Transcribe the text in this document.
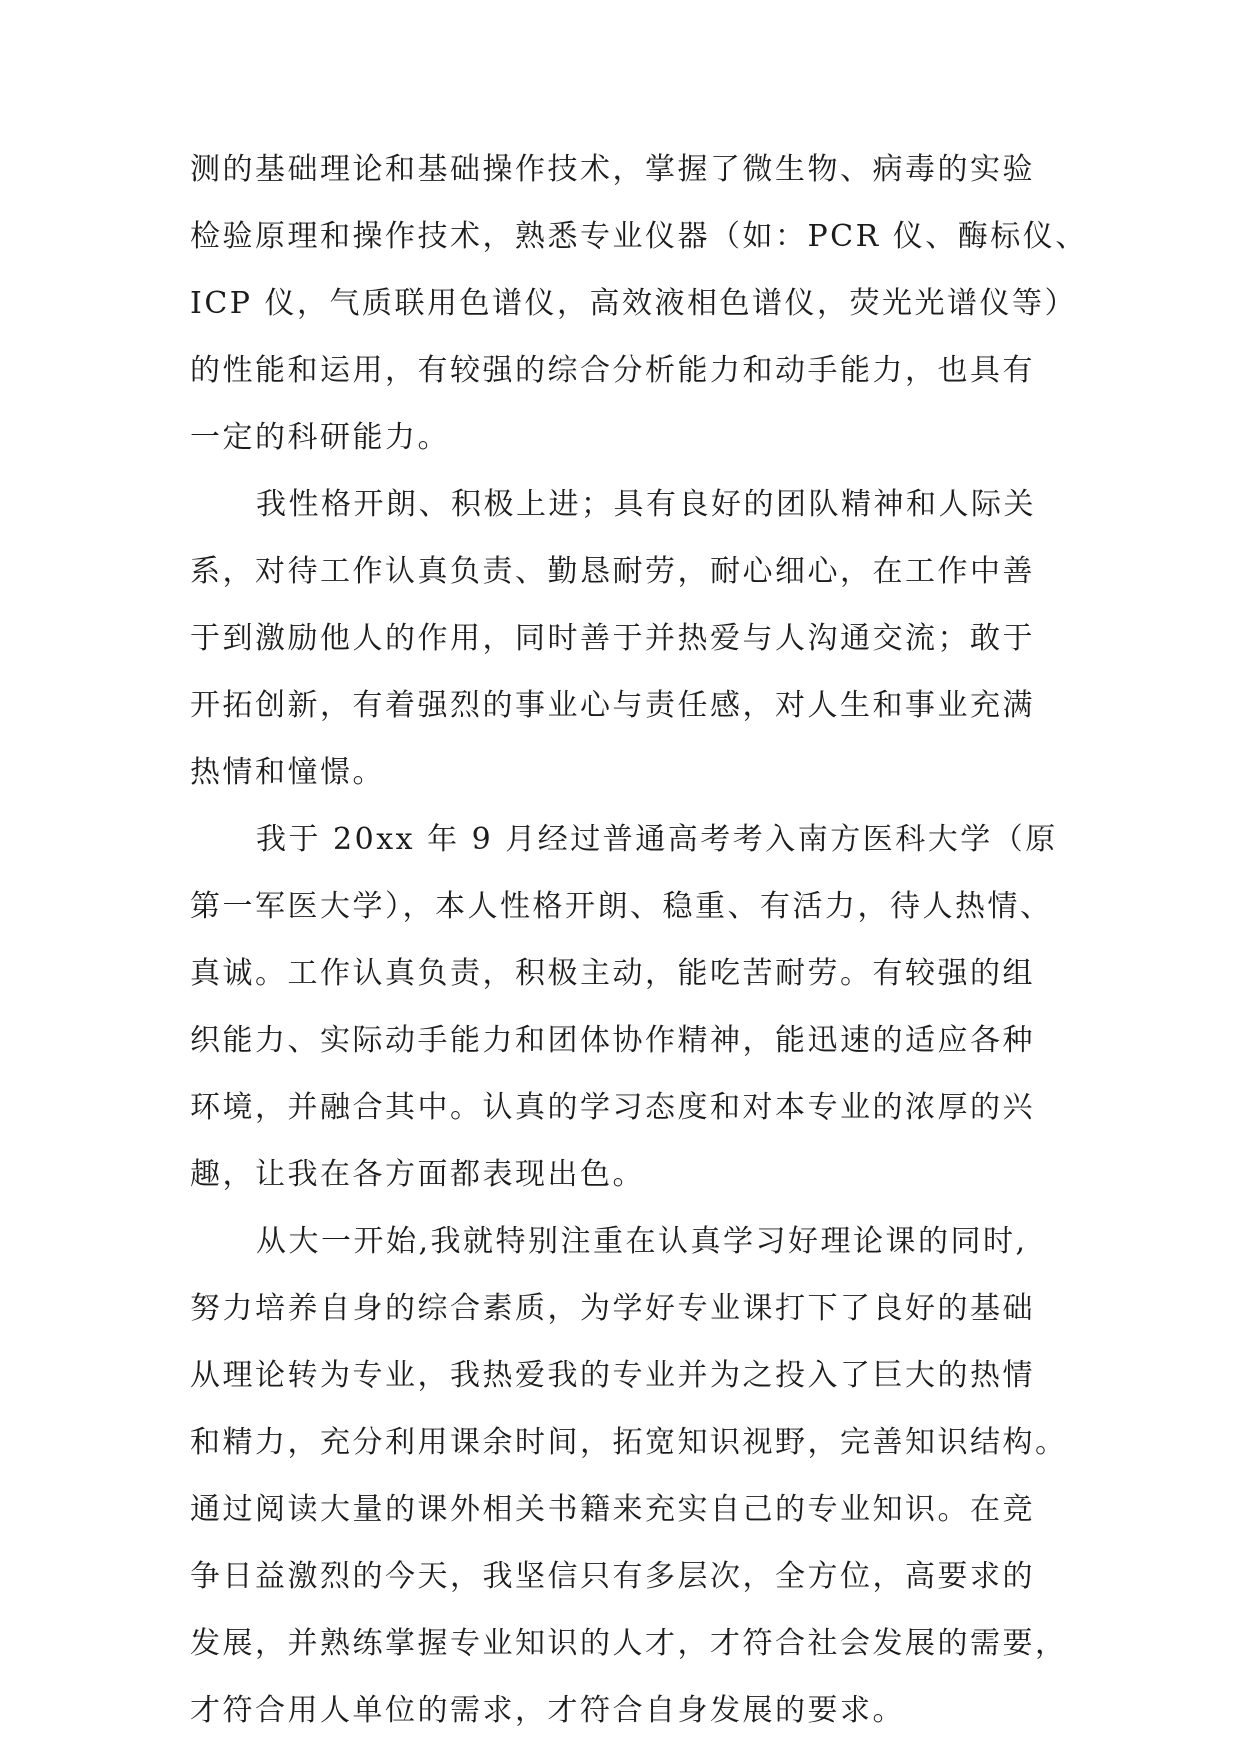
测的基础理论和基础操作技术，掌握了微生物、病毒的实验
检验原理和操作技术，熟悉专业仪器（如：PCR 仪、酶标仪、
ICP 仪，气质联用色谱仪，高效液相色谱仪，荧光光谱仪等）
的性能和运用，有较强的综合分析能力和动手能力，也具有
一定的科研能力。
我性格开朗、积极上进；具有良好的团队精神和人际关
系，对待工作认真负责、勤恳耐劳，耐心细心，在工作中善
于到激励他人的作用，同时善于并热爱与人沟通交流；敢于
开拓创新，有着强烈的事业心与责任感，对人生和事业充满
热情和憧憬。
我于 20xx 年 9 月经过普通高考考入南方医科大学（原
第一军医大学），本人性格开朗、稳重、有活力，待人热情、
真诚。工作认真负责，积极主动，能吃苦耐劳。有较强的组
织能力、实际动手能力和团体协作精神，能迅速的适应各种
环境，并融合其中。认真的学习态度和对本专业的浓厚的兴
趣，让我在各方面都表现出色。
从大一开始,我就特别注重在认真学习好理论课的同时,
努力培养自身的综合素质，为学好专业课打下了良好的基础
从理论转为专业，我热爱我的专业并为之投入了巨大的热情
和精力，充分利用课余时间，拓宽知识视野，完善知识结构。
通过阅读大量的课外相关书籍来充实自己的专业知识。在竞
争日益激烈的今天，我坚信只有多层次，全方位，高要求的
发展，并熟练掌握专业知识的人才，才符合社会发展的需要，
才符合用人单位的需求，才符合自身发展的要求。
